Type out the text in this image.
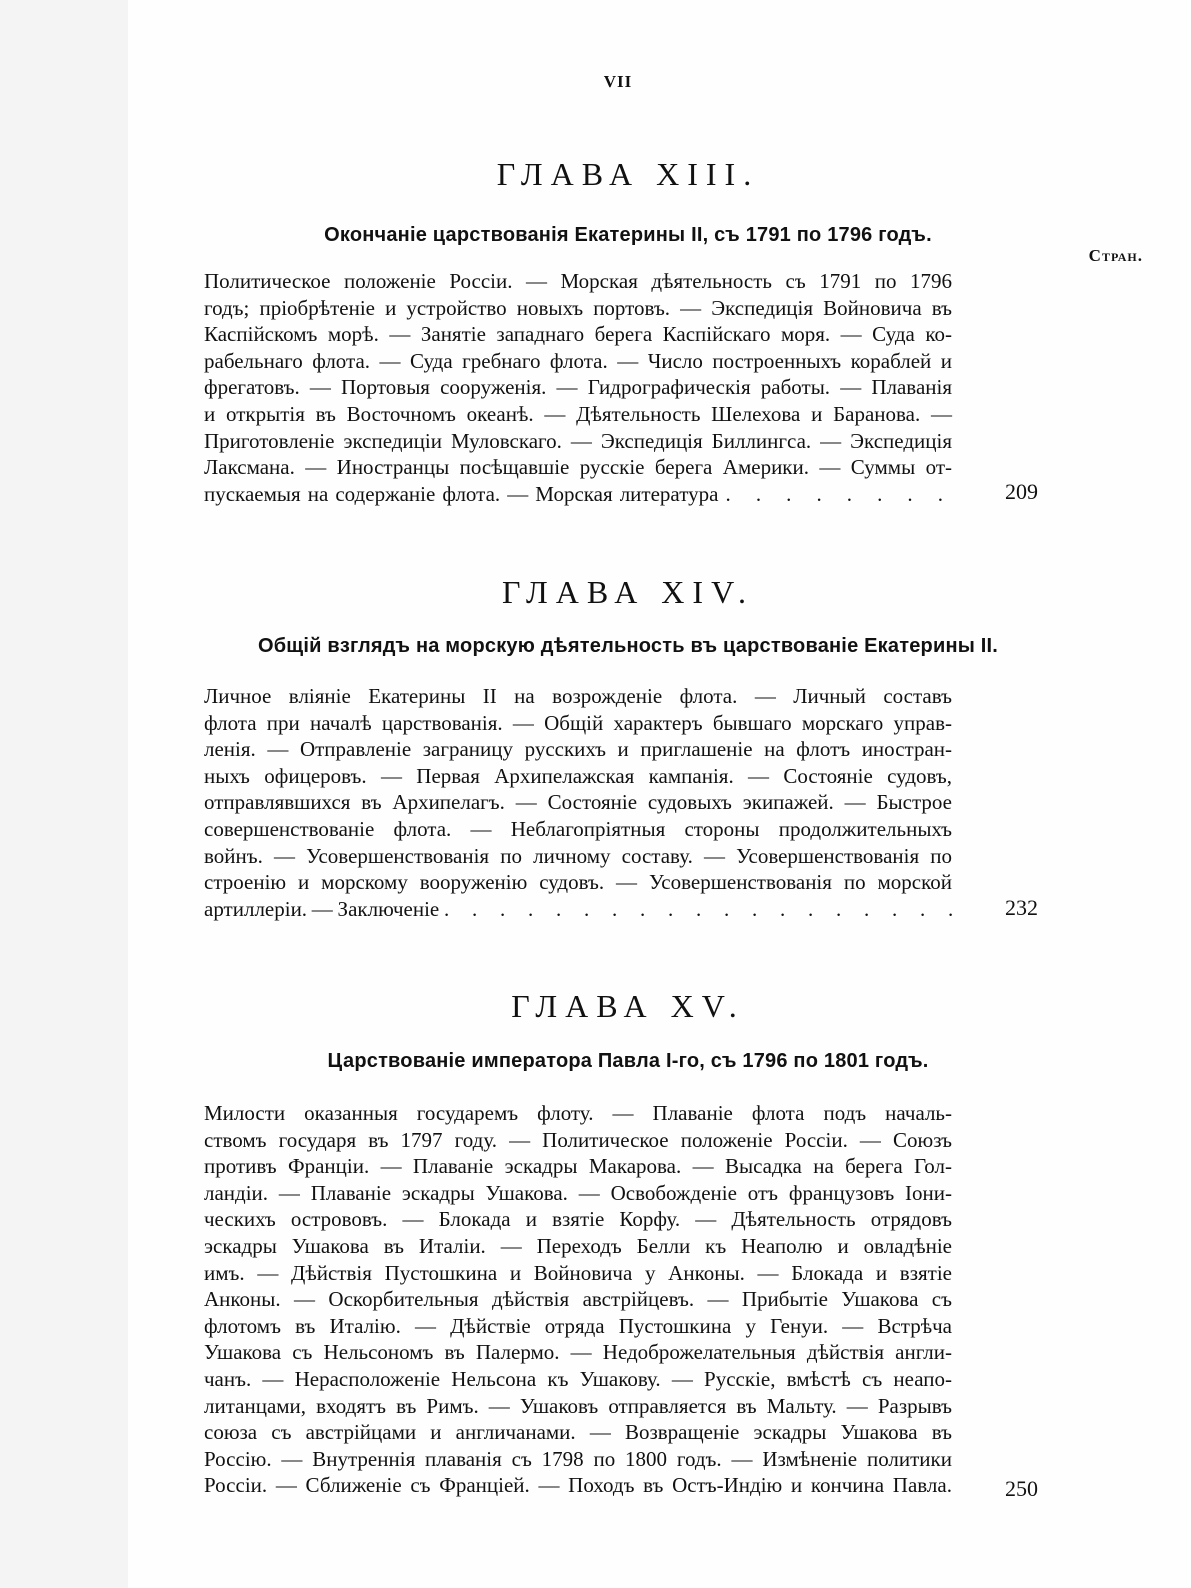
VII
ГЛАВА XIII.
Окончаніе царствованія Екатерины II, съ 1791 по 1796 годъ.
Стран.
Политическое положеніе Россіи. — Морская дѣятельность съ 1791 по 1796
годъ; пріобрѣтеніе и устройство новыхъ портовъ. — Экспедиція Войновича въ
Каспійскомъ морѣ. — Занятіе западнаго берега Каспійскаго моря. — Суда ко-
рабельнаго флота. — Суда гребнаго флота. — Число построенныхъ кораблей и
фрегатовъ. — Портовыя сооруженія. — Гидрографическія работы. — Плаванія
и открытія въ Восточномъ океанѣ. — Дѣятельность Шелехова и Баранова. —
Приготовленіе экспедиціи Муловскаго. — Экспедиція Биллингса. — Экспедиція
Лаксмана. — Иностранцы посѣщавшіе русскіе берега Америки. — Суммы от-
пускаемыя на содержаніе флота. — Морская литература . . . . . . . .	209
ГЛАВА XIV.
Общій взглядъ на морскую дѣятельность въ царствованіе Екатерины II.
Личное вліяніе Екатерины II на возрожденіе флота. — Личный составъ
флота при началѣ царствованія. — Общій характеръ бывшаго морскаго управ-
ленія. — Отправленіе заграницу русскихъ и приглашеніе на флотъ иностран-
ныхъ офицеровъ. — Первая Архипелажская кампанія. — Состояніе судовъ,
отправлявшихся въ Архипелагъ. — Состояніе судовыхъ экипажей. — Быстрое
совершенствованіе флота. — Неблагопріятныя стороны продолжительныхъ
войнъ. — Усовершенствованія по личному составу. — Усовершенствованія по
строенію и морскому вооруженію судовъ. — Усовершенствованія по морской
артиллеріи. — Заключеніе . . . . . . . . . . . . . . . . . . .	232
ГЛАВА XV.
Царствованіе императора Павла I-го, съ 1796 по 1801 годъ.
Милости оказанныя государемъ флоту. — Плаваніе флота подъ началь-
ствомъ государя въ 1797 году. — Политическое положеніе Россіи. — Союзъ
противъ Франціи. — Плаваніе эскадры Макарова. — Высадка на берега Гол-
ландіи. — Плаваніе эскадры Ушакова. — Освобожденіе отъ французовъ Іони-
ческихъ острововъ. — Блокада и взятіе Корфу. — Дѣятельность отрядовъ
эскадры Ушакова въ Италіи. — Переходъ Белли къ Неаполю и овладѣніе
имъ. — Дѣйствія Пустошкина и Войновича у Анконы. — Блокада и взятіе
Анконы. — Оскорбительныя дѣйствія австрійцевъ. — Прибытіе Ушакова съ
флотомъ въ Италію. — Дѣйствіе отряда Пустошкина у Генуи. — Встрѣча
Ушакова съ Нельсономъ въ Палермо. — Недоброжелательныя дѣйствія англи-
чанъ. — Нерасположеніе Нельсона къ Ушакову. — Русскіе, вмѣстѣ съ неапо-
литанцами, входятъ въ Римъ. — Ушаковъ отправляется въ Мальту. — Разрывъ
союза съ австрійцами и англичанами. — Возвращеніе эскадры Ушакова въ
Россію. — Внутреннія плаванія съ 1798 по 1800 годъ. — Измѣненіе политики
Россіи. — Сближеніе съ Франціей. — Походъ въ Остъ-Индію и кончина Павла.	250
